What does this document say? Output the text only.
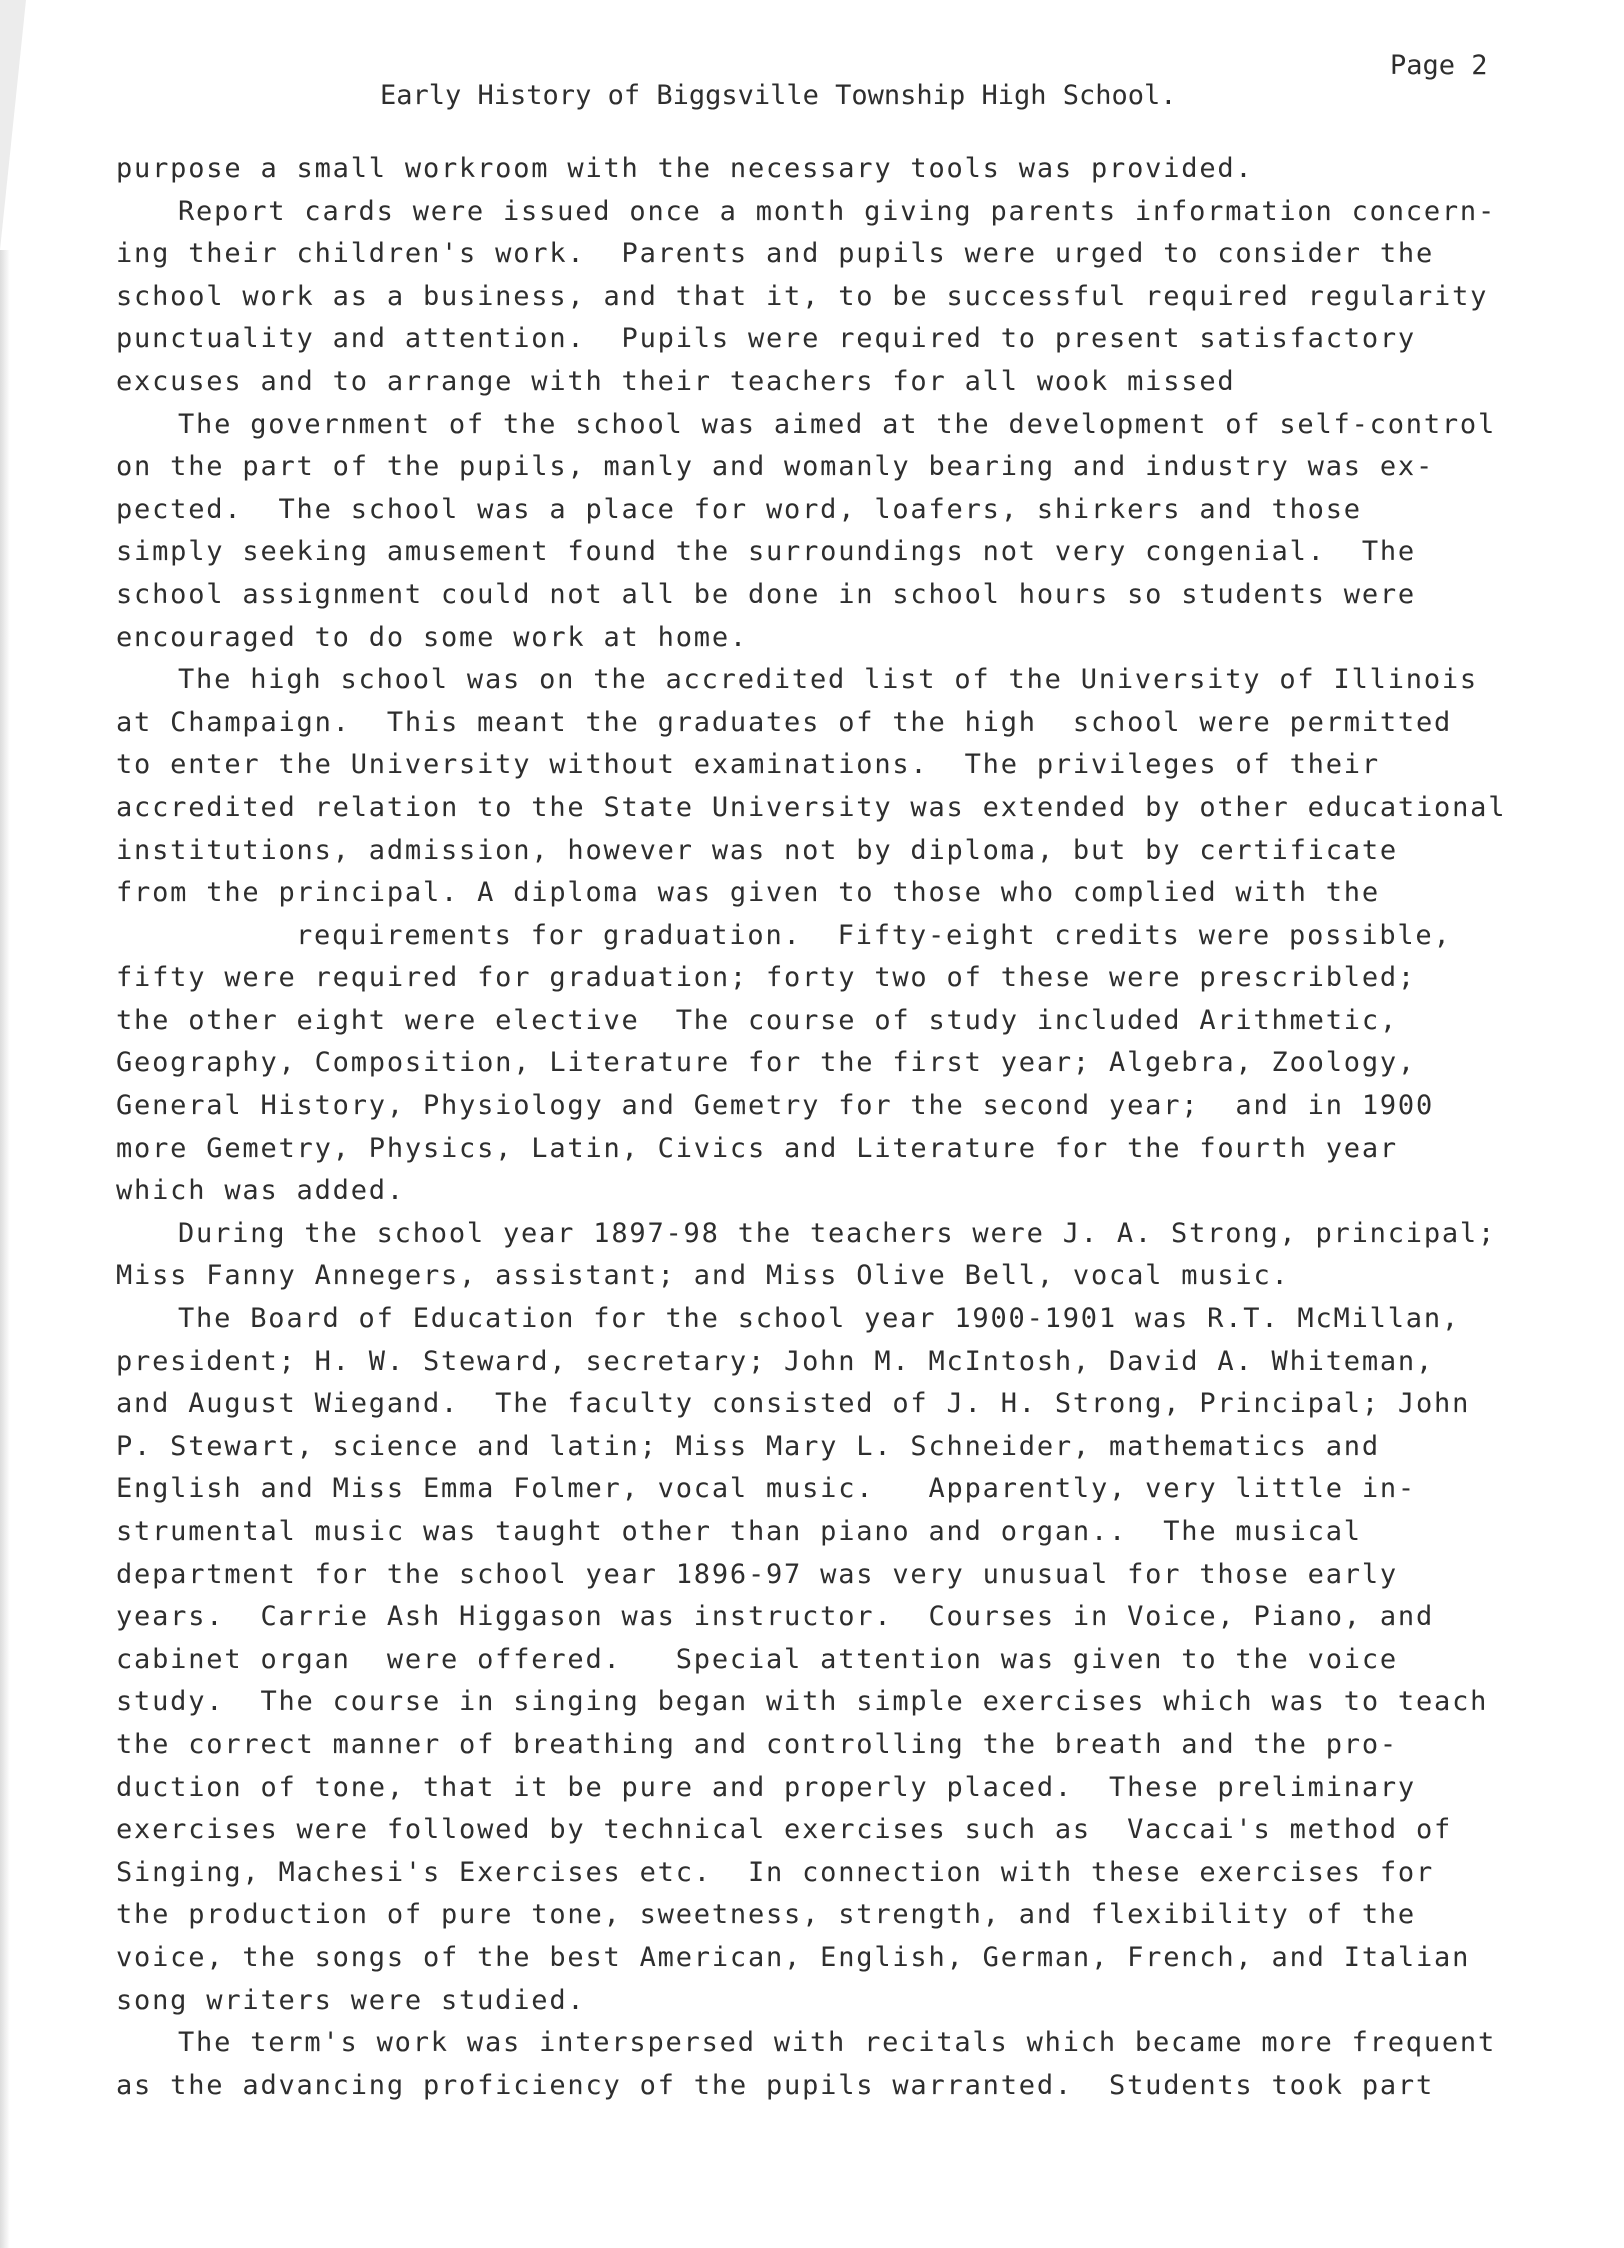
Page 2
Early History of Biggsville Township High School.
purpose a small workroom with the necessary tools was provided.
Report cards were issued once a month giving parents information concern-
ing their children's work.  Parents and pupils were urged to consider the
school work as a business, and that it, to be successful required regularity
punctuality and attention.  Pupils were required to present satisfactory
excuses and to arrange with their teachers for all wook missed
The government of the school was aimed at the development of self-control
on the part of the pupils, manly and womanly bearing and industry was ex-
pected.  The school was a place for word, loafers, shirkers and those
simply seeking amusement found the surroundings not very congenial.  The
school assignment could not all be done in school hours so students were
encouraged to do some work at home.
The high school was on the accredited list of the University of Illinois
at Champaign.  This meant the graduates of the high  school were permitted
to enter the University without examinations.  The privileges of their
accredited relation to the State University was extended by other educational
institutions, admission, however was not by diploma, but by certificate
from the principal. A diploma was given to those who complied with the
requirements for graduation.  Fifty-eight credits were possible,
fifty were required for graduation; forty two of these were prescribled;
the other eight were elective  The course of study included Arithmetic,
Geography, Composition, Literature for the first year; Algebra, Zoology,
General History, Physiology and Gemetry for the second year;  and in 1900
more Gemetry, Physics, Latin, Civics and Literature for the fourth year
which was added.
During the school year 1897-98 the teachers were J. A. Strong, principal;
Miss Fanny Annegers, assistant; and Miss Olive Bell, vocal music.
The Board of Education for the school year 1900-1901 was R.T. McMillan,
president; H. W. Steward, secretary; John M. McIntosh, David A. Whiteman,
and August Wiegand.  The faculty consisted of J. H. Strong, Principal; John
P. Stewart, science and latin; Miss Mary L. Schneider, mathematics and
English and Miss Emma Folmer, vocal music.   Apparently, very little in-
strumental music was taught other than piano and organ..  The musical
department for the school year 1896-97 was very unusual for those early
years.  Carrie Ash Higgason was instructor.  Courses in Voice, Piano, and
cabinet organ  were offered.   Special attention was given to the voice
study.  The course in singing began with simple exercises which was to teach
the correct manner of breathing and controlling the breath and the pro-
duction of tone, that it be pure and properly placed.  These preliminary
exercises were followed by technical exercises such as  Vaccai's method of
Singing, Machesi's Exercises etc.  In connection with these exercises for
the production of pure tone, sweetness, strength, and flexibility of the
voice, the songs of the best American, English, German, French, and Italian
song writers were studied.
The term's work was interspersed with recitals which became more frequent
as the advancing proficiency of the pupils warranted.  Students took part
